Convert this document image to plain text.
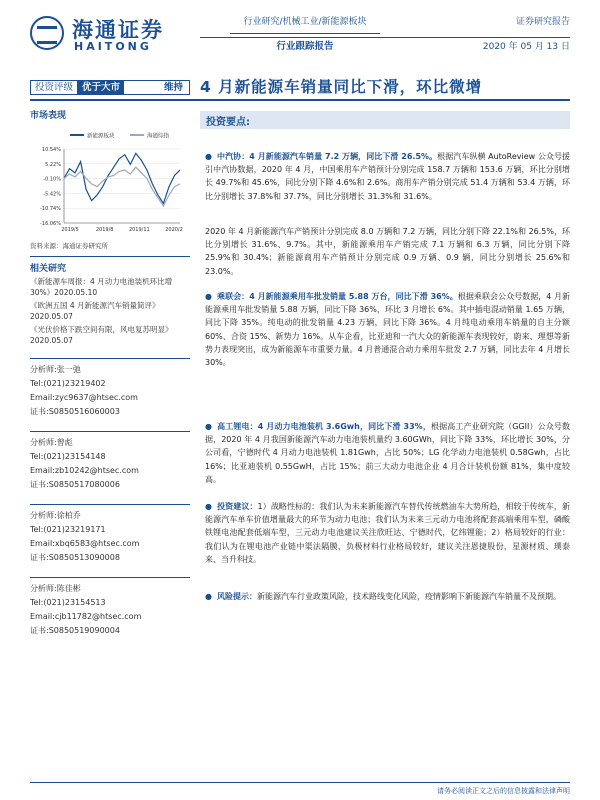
海通证券
HAITONG
行业研究/机械工业/新能源板块
行业跟踪报告
证券研究报告
2020 年 05 月 13 日
投资评级 优于大市	维持	4 月新能源车销量同比下滑，环比微增
市场表现
新能源板块	海通综指
10.54%
5.22%
-0.10%
-5.42%
-10.74%
-16.06%
2019/5	2019/8	2019/11	2020/2
资料来源：海通证券研究所
相关研究
《新能源车周报：4 月动力电池装机环比增 30%》2020.05.10
《欧洲五国 4 月新能源汽车销量简评》2020.05.07
《光伏价格下跌空间有限，风电复苏明显》2020.05.07
分析师:张一弛
Tel:(021)23219402
Email:zyc9637@htsec.com
证书:S0850516060003
分析师:曾彪
Tel:(021)23154148
Email:zb10242@htsec.com
证书:S0850517080006
分析师:徐柏乔
Tel:(021)23219171
Email:xbq6583@htsec.com
证书:S0850513090008
分析师:陈佳彬
Tel:(021)23154513
Email:cjb11782@htsec.com
证书:S0850519090004
投资要点:
● 中汽协：4 月新能源汽车销量 7.2 万辆，同比下滑 26.5%。根据汽车纵横 AutoReview 公众号援引中汽协数据，2020 年 4 月，中国乘用车产销预计分别完成 158.7 万辆和 153.6 万辆，环比分别增长 49.7%和 45.6%，同比分别下降 4.6%和 2.6%。商用车产销分别完成 51.4 万辆和 53.4 万辆，环比分别增长 37.8%和 37.7%，同比分别增长 31.3%和 31.6%。
2020 年 4 月新能源汽车产销预计分别完成 8.0 万辆和 7.2 万辆，同比分别下降 22.1%和 26.5%，环比分别增长 31.6%、9.7%。其中，新能源乘用车产销完成 7.1 万辆和 6.3 万辆，同比分别下降 25.9%和 30.4%；新能源商用车产销预计分别完成 0.9 万辆、0.9 辆，同比分别增长 25.6%和 23.0%。
● 乘联会：4 月新能源乘用车批发销量 5.88 万台，同比下滑 36%。根据乘联会公众号数据，4 月新能源乘用车批发销量 5.88 万辆，同比下降 36%，环比 3 月增长 6%。其中插电混动销量 1.65 万辆，同比下降 35%。纯电动的批发销量 4.23 万辆，同比下降 36%。4 月纯电动乘用车销量的自主分额 60%、合资 15%、新势力 16%。从车企看，比亚迪和一汽大众的新能源车表现较好，蔚来、理想等新势力表现突出，成为新能源车市重要力量。4 月普通混合动力乘用车批发 2.7 万辆，同比去年 4 月增长 30%。
● 高工锂电：4 月动力电池装机 3.6Gwh，同比下滑 33%，根据高工产业研究院（GGII）公众号数据，2020 年 4 月我国新能源汽车动力电池装机量约 3.60GWh，同比下降 33%，环比增长 30%，分公司看，宁德时代 4 月动力电池装机 1.81Gwh，占比 50%；LG 化学动力电池装机 0.58Gwh，占比 16%；比亚迪装机 0.55GwH，占比 15%；前三大动力电池企业 4 月合计装机份额 81%，集中度较高。
● 投资建议：1）战略性标的：我们认为未来新能源汽车替代传统燃油车大势所趋，相较于传统车，新能源汽车单车价值增量最大的环节为动力电池；我们认为未来三元动力电池将配套高端乘用车型，磷酸铁锂电池配套低端车型，三元动力电池建议关注欣旺达、宁德时代，亿纬锂能；2）格局较好的行业：我们认为在锂电池产业链中渠法隔膜，负极材料行业格局较好，建议关注恩捷股份，星源材质、璞泰来、当升科技。
● 风险提示：新能源汽车行业政策风险，技术路线变化风险，疫情影响下新能源汽车销量不及预期。
请务必阅读正文之后的信息披露和法律声明
